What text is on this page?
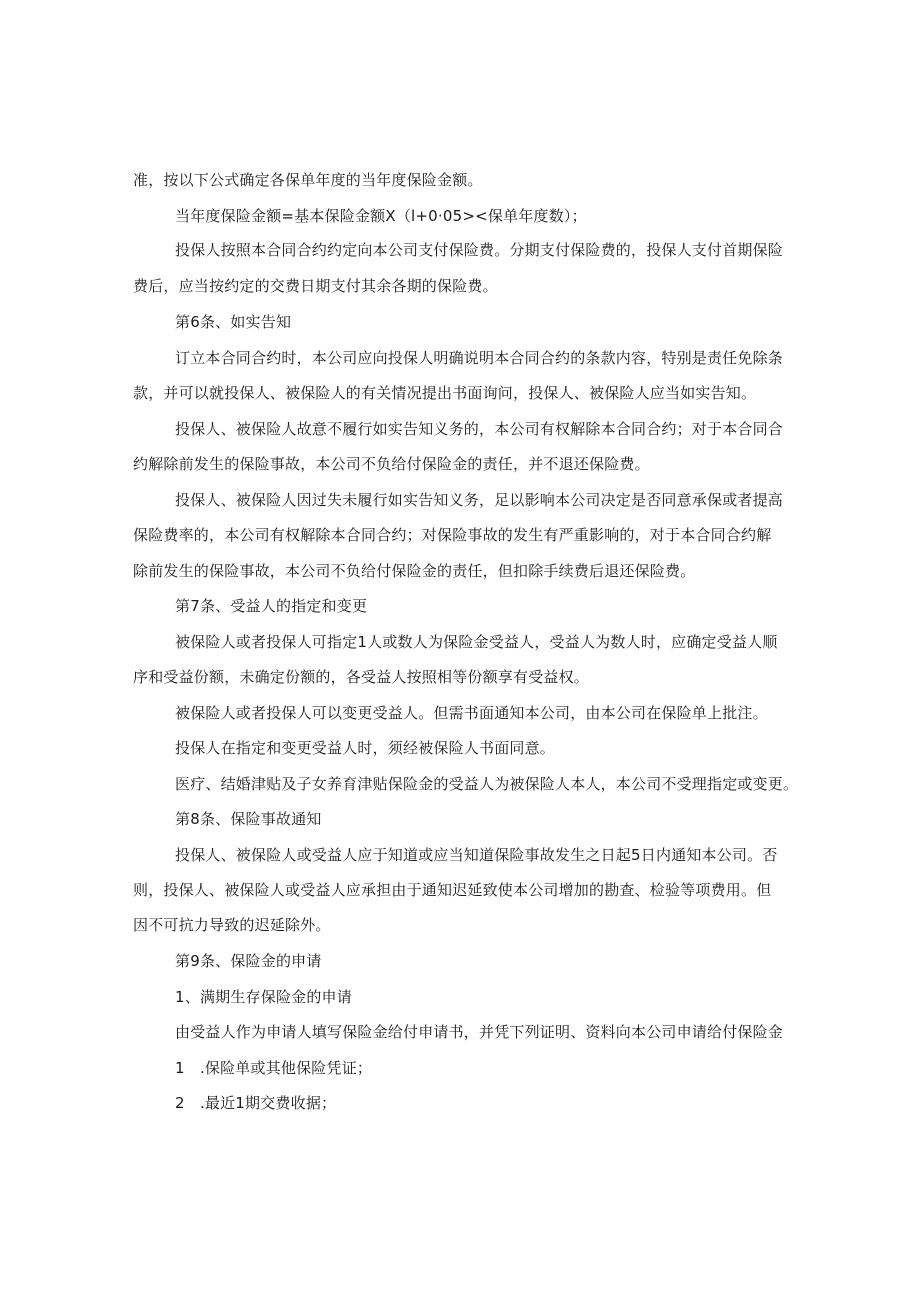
准，按以下公式确定各保单年度的当年度保险金额。
当年度保险金额=基本保险金额X（l+0·05><保单年度数）；
投保人按照本合同合约约定向本公司支付保险费。分期支付保险费的，投保人支付首期保险
费后，应当按约定的交费日期支付其余各期的保险费。
第6条、如实告知
订立本合同合约时，本公司应向投保人明确说明本合同合约的条款内容，特别是责任免除条
款，并可以就投保人、被保险人的有关情况提出书面询问，投保人、被保险人应当如实告知。
投保人、被保险人故意不履行如实告知义务的，本公司有权解除本合同合约；对于本合同合
约解除前发生的保险事故，本公司不负给付保险金的责任，并不退还保险费。
投保人、被保险人因过失未履行如实告知义务，足以影响本公司决定是否同意承保或者提高
保险费率的，本公司有权解除本合同合约；对保险事故的发生有严重影响的，对于本合同合约解
除前发生的保险事故，本公司不负给付保险金的责任，但扣除手续费后退还保险费。
第7条、受益人的指定和变更
被保险人或者投保人可指定1人或数人为保险金受益人，受益人为数人时，应确定受益人顺
序和受益份额，未确定份额的，各受益人按照相等份额享有受益权。
被保险人或者投保人可以变更受益人。但需书面通知本公司，由本公司在保险单上批注。
投保人在指定和变更受益人时，须经被保险人书面同意。
医疗、结婚津贴及子女养育津贴保险金的受益人为被保险人本人，本公司不受理指定或变更。
第8条、保险事故通知
投保人、被保险人或受益人应于知道或应当知道保险事故发生之日起5日内通知本公司。否
则，投保人、被保险人或受益人应承担由于通知迟延致使本公司增加的勘查、检验等项费用。但
因不可抗力导致的迟延除外。
第9条、保险金的申请
1、满期生存保险金的申请
由受益人作为申请人填写保险金给付申请书，并凭下列证明、资料向本公司申请给付保险金
1　.保险单或其他保险凭证；
2　.最近1期交费收据；
